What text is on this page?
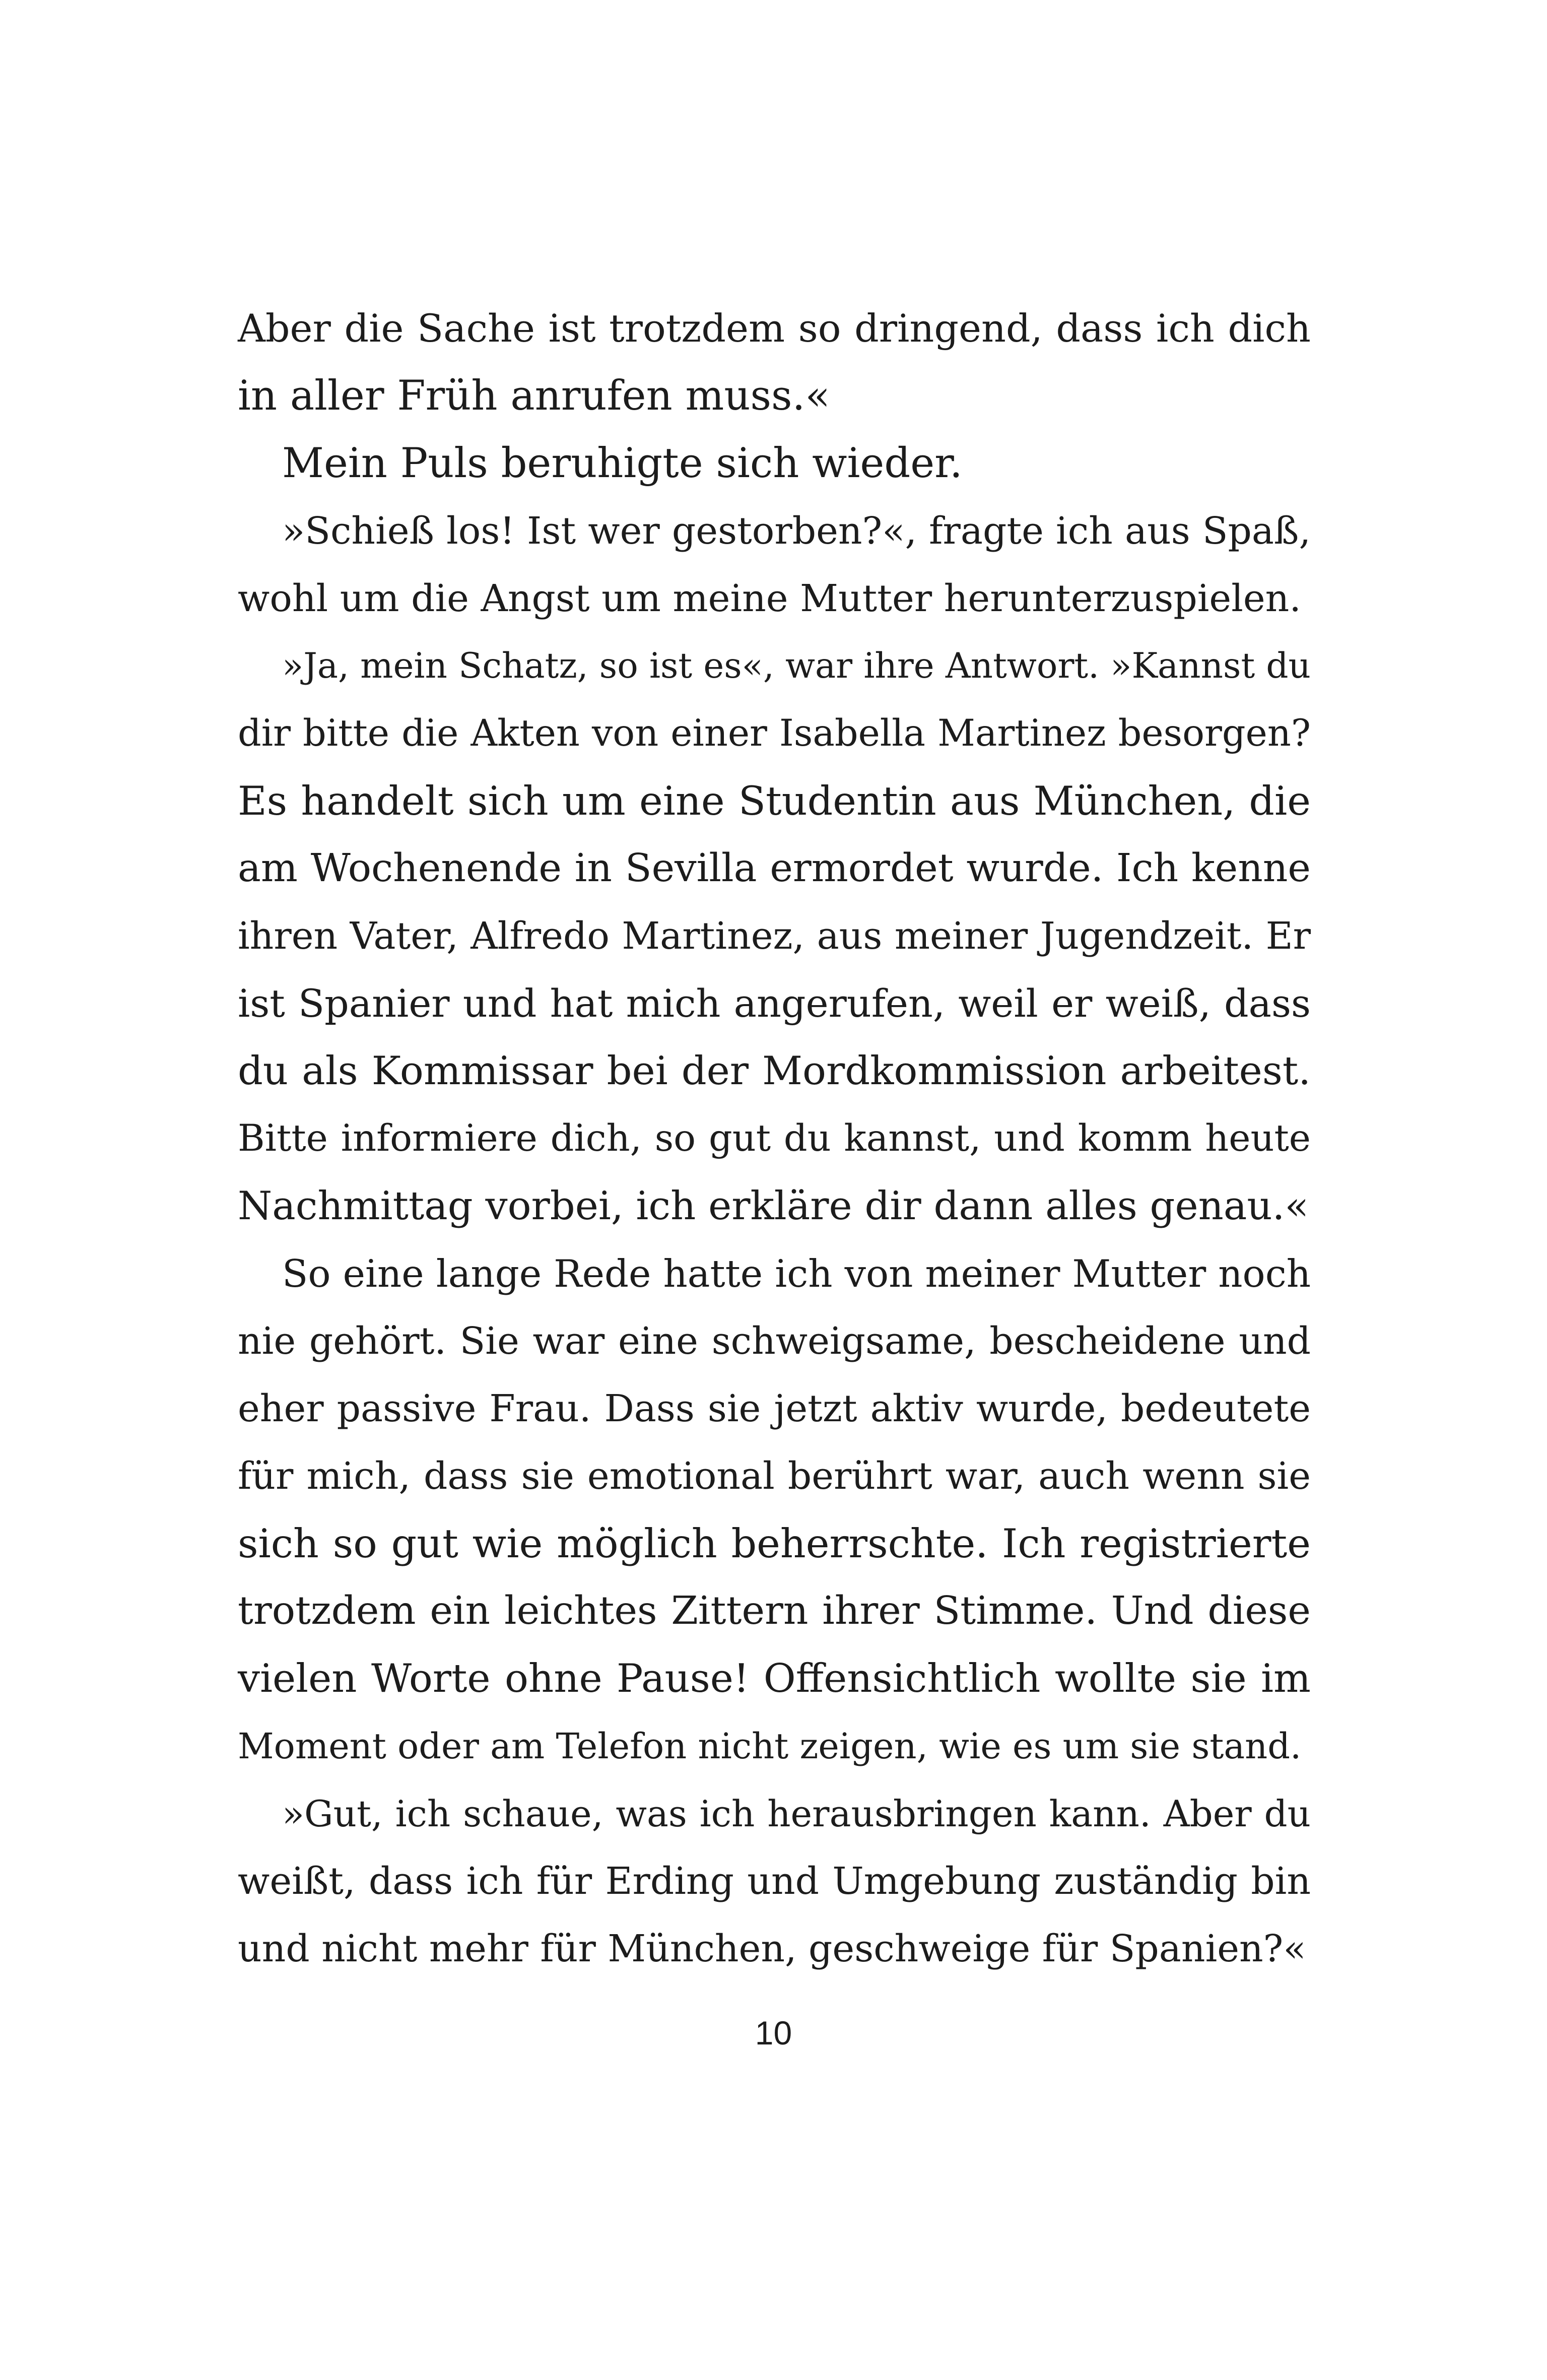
Aber die Sache ist trotzdem so dringend, dass ich dich
in aller Früh anrufen muss.«
Mein Puls beruhigte sich wieder.
»Schieß los! Ist wer gestorben?«, fragte ich aus Spaß,
wohl um die Angst um meine Mutter herunterzuspielen.
»Ja, mein Schatz, so ist es«, war ihre Antwort. »Kannst du
dir bitte die Akten von einer Isabella Martinez besorgen?
Es handelt sich um eine Studentin aus München, die
am Wochenende in Sevilla ermordet wurde. Ich kenne
ihren Vater, Alfredo Martinez, aus meiner Jugendzeit. Er
ist Spanier und hat mich angerufen, weil er weiß, dass
du als Kommissar bei der Mordkommission arbeitest.
Bitte informiere dich, so gut du kannst, und komm heute
Nachmittag vorbei, ich erkläre dir dann alles genau.«
So eine lange Rede hatte ich von meiner Mutter noch
nie gehört. Sie war eine schweigsame, bescheidene und
eher passive Frau. Dass sie jetzt aktiv wurde, bedeutete
für mich, dass sie emotional berührt war, auch wenn sie
sich so gut wie möglich beherrschte. Ich registrierte
trotzdem ein leichtes Zittern ihrer Stimme. Und diese
vielen Worte ohne Pause! Offensichtlich wollte sie im
Moment oder am Telefon nicht zeigen, wie es um sie stand.
»Gut, ich schaue, was ich herausbringen kann. Aber du
weißt, dass ich für Erding und Umgebung zuständig bin
und nicht mehr für München, geschweige für Spanien?«
10
